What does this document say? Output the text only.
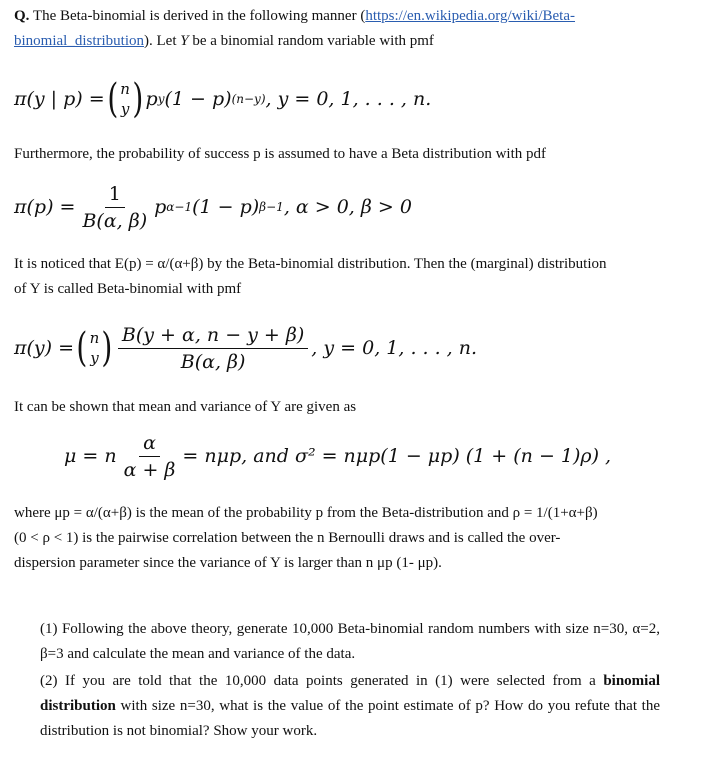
Q. The Beta-binomial is derived in the following manner (https://en.wikipedia.org/wiki/Beta-
binomial_distribution). Let Y be a binomial random variable with pmf
π(y | p) = ( n
y ) p y (1 − p) (n−y) , y = 0, 1, . . . , n.
Furthermore, the probability of success p is assumed to have a Beta distribution with pdf
$\pi(p) = \frac{1}{B(\alpha, \beta)}$ p α−1 (1 − p) β−1 , α > 0, β > 0
It is noticed that E(p) = α/(α+β) by the Beta-binomial distribution. Then the (marginal) distribution
of Y is called Beta-binomial with pmf
π(y) = ( n
y ) $\frac{B(y + \alpha, n - y + \beta)}{B(\alpha, \beta)}$ , y = 0, 1, . . . , n.
It can be shown that mean and variance of Y are given as
μ = n $\frac{\alpha}{\alpha + \beta} = n\mu p$, and σ² = nμp(1 − μp) (1 + (n − 1)ρ) ,
where μp = α/(α+β) is the mean of the probability p from the Beta-distribution and ρ = 1/(1+α+β)
(0 < ρ < 1) is the pairwise correlation between the n Bernoulli draws and is called the over-
dispersion parameter since the variance of Y is larger than n μp (1- μp).
(1) Following the above theory, generate 10,000 Beta-binomial random numbers with size n=30, α=2, β=3 and calculate the mean and variance of the data.
(2) If you are told that the 10,000 data points generated in (1) were selected from a binomial distribution with size n=30, what is the value of the point estimate of p? How do you refute that the distribution is not binomial? Show your work.
